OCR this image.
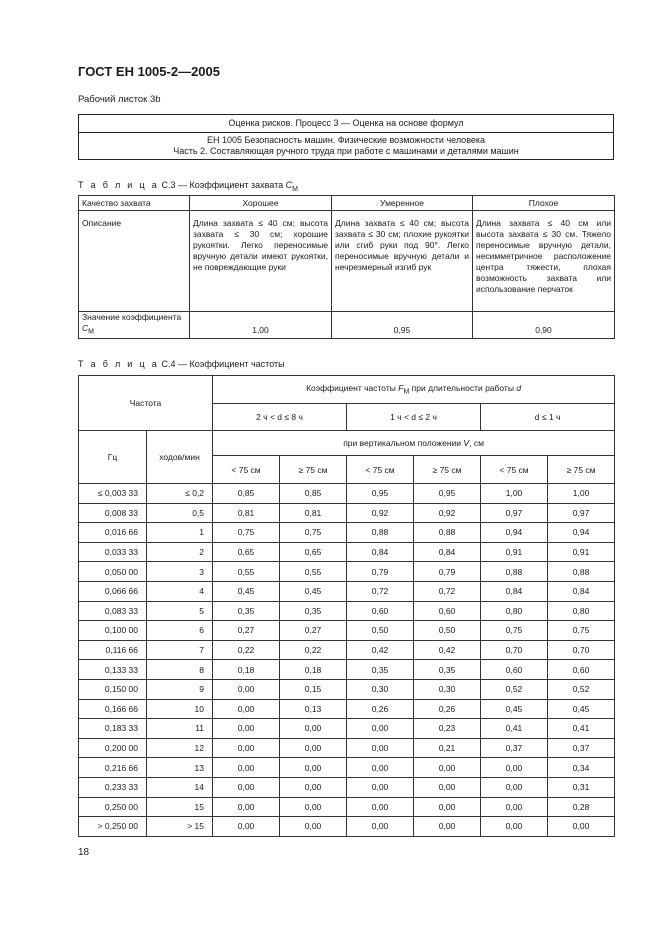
ГОСТ ЕН 1005-2—2005
Рабочий листок 3b
Оценка рисков. Процесс 3 — Оценка на основе формул
ЕН 1005 Безопасность машин. Физические возможности человека
Часть 2. Составляющая ручного труда при работе с машинами и деталями машин
Т а б л и ц а С.3 — Коэффициент захвата $C_M$
Качество захвата	Хорошее	Умеренное	Плохое
Описание	Длина захвата ≤ 40 см; высота захвата ≤ 30 см; хорошие рукоятки. Легко переносимые вручную детали имеют рукоятки, не повреждающие руки	Длина захвата ≤ 40 см; высота захвата ≤ 30 см; плохие рукоятки или сгиб руки под 90°. Легко переносимые вручную детали и нечрезмерный изгиб рук	Длина захвата ≤ 40 см или высота захвата ≤ 30 см. Тяжело переносимые вручную детали, несимметричное расположение центра тяжести, плохая возможность захвата или использование перчаток
Значение коэффициента $C_M$	1,00	0,95	0,90
Т а б л и ц а С.4 — Коэффициент частоты
Частота		Коэффициент частоты $F_M$ при длительности работы d					
		2 ч < d ≤ 8 ч		1 ч < d ≤ 2 ч		d ≤ 1 ч	
Гц	ходов/мин	при вертикальном положении V, см					
		< 75 см	≥ 75 см	< 75 см	≥ 75 см	< 75 см	≥ 75 см
≤ 0,003 33	≤ 0,2	0,85	0,85	0,95	0,95	1,00	1,00
0,008 33	0,5	0,81	0,81	0,92	0,92	0,97	0,97
0,016 66	1	0,75	0,75	0,88	0,88	0,94	0,94
0,033 33	2	0,65	0,65	0,84	0,84	0,91	0,91
0,050 00	3	0,55	0,55	0,79	0,79	0,88	0,88
0,066 66	4	0,45	0,45	0,72	0,72	0,84	0,84
0,083 33	5	0,35	0,35	0,60	0,60	0,80	0,80
0,100 00	6	0,27	0,27	0,50	0,50	0,75	0,75
0,116 66	7	0,22	0,22	0,42	0,42	0,70	0,70
0,133 33	8	0,18	0,18	0,35	0,35	0,60	0,60
0,150 00	9	0,00	0,15	0,30	0,30	0,52	0,52
0,166 66	10	0,00	0,13	0,26	0,26	0,45	0,45
0,183 33	11	0,00	0,00	0,00	0,23	0,41	0,41
0,200 00	12	0,00	0,00	0,00	0,21	0,37	0,37
0,216 66	13	0,00	0,00	0,00	0,00	0,00	0,34
0,233 33	14	0,00	0,00	0,00	0,00	0,00	0,31
0,250 00	15	0,00	0,00	0,00	0,00	0,00	0,28
> 0,250 00	> 15	0,00	0,00	0,00	0,00	0,00	0,00
18
